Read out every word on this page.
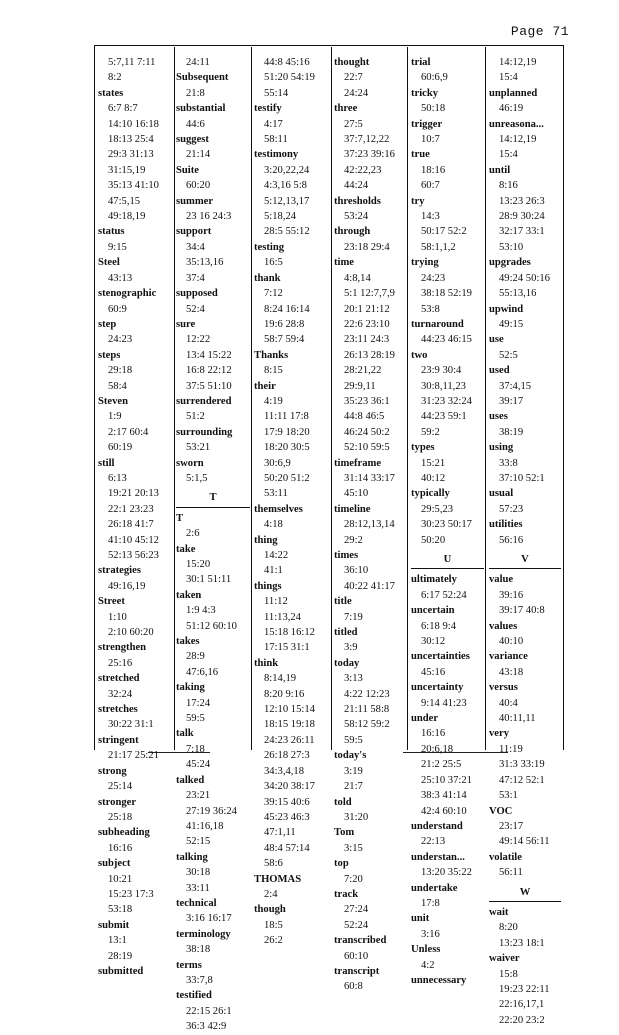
Page 71
5:7,11 7:11
8:2
states
6:7 8:7
14:10 16:18
18:13 25:4
29:3 31:13
31:15,19
35:13 41:10
47:5,15
49:18,19
status
9:15
Steel
43:13
stenographic
60:9
step
24:23
steps
29:18
58:4
Steven
1:9
2:17 60:4
60:19
still
6:13
19:21 20:13
22:1 23:23
26:18 41:7
41:10 45:12
52:13 56:23
strategies
49:16,19
Street
1:10
2:10 60:20
strengthen
25:16
stretched
32:24
stretches
30:22 31:1
stringent
21:17 25:21
strong
25:14
stronger
25:18
subheading
16:16
subject
10:21
15:23 17:3
53:18
submit
13:1
28:19
submitted
24:11
Subsequent
21:8
substantial
44:6
suggest
21:14
Suite
60:20
summer
23 16 24:3
support
34:4
35:13,16
37:4
supposed
52:4
sure
12:22
13:4 15:22
16:8 22:12
37:5 51:10
surrendered
51:2
surrounding
53:21
sworn
5:1,5
T
T
2:6
take
15:20
30:1 51:11
taken
1:9 4:3
51:12 60:10
takes
28:9
47:6,16
taking
17:24
59:5
talk
7:18
45:24
talked
23:21
27:19 36:24
41:16,18
52:15
talking
30:18
33:11
technical
3:16 16:17
terminology
38:18
terms
33:7,8
testified
22:15 26:1
36:3 42:9
44:8 45:16
51:20 54:19
55:14
testify
4:17
58:11
testimony
3:20,22,24
4:3,16 5:8
5:12,13,17
5:18,24
28:5 55:12
testing
16:5
thank
7:12
8:24 16:14
19:6 28:8
58:7 59:4
Thanks
8:15
their
4:19
11:11 17:8
17:9 18:20
18:20 30:5
30:6,9
50:20 51:2
53:11
themselves
4:18
thing
14:22
41:1
things
11:12
11:13,24
15:18 16:12
17:15 31:1
think
8:14,19
8:20 9:16
12:10 15:14
18:15 19:18
24:23 26:11
26:18 27:3
34:3,4,18
34:20 38:17
39:15 40:6
45:23 46:3
47:1,11
48:4 57:14
58:6
THOMAS
2:4
though
18:5
26:2
thought
22:7
24:24
three
27:5
37:7,12,22
37:23 39:16
42:22,23
44:24
thresholds
53:24
through
23:18 29:4
time
4:8,14
5:1 12:7,7,9
20:1 21:12
22:6 23:10
23:11 24:3
26:13 28:19
28:21,22
29:9,11
35:23 36:1
44:8 46:5
46:24 50:2
52:10 59:5
timeframe
31:14 33:17
45:10
timeline
28:12,13,14
29:2
times
36:10
40:22 41:17
title
7:19
titled
3:9
today
3:13
4:22 12:23
21:11 58:8
58:12 59:2
59:5
today's
3:19
21:7
told
31:20
Tom
3:15
top
7:20
track
27:24
52:24
transcribed
60:10
transcript
60:8
trial
60:6,9
tricky
50:18
trigger
10:7
true
18:16
60:7
try
14:3
50:17 52:2
58:1,1,2
trying
24:23
38:18 52:19
53:8
turnaround
44:23 46:15
two
23:9 30:4
30:8,11,23
31:23 32:24
44:23 59:1
59:2
types
15:21
40:12
typically
29:5,23
30:23 50:17
50:20
U
ultimately
6:17 52:24
uncertain
6:18 9:4
30:12
uncertainties
45:16
uncertainty
9:14 41:23
under
16:16
20:6,18
21:2 25:5
25:10 37:21
38:3 41:14
42:4 60:10
understand
22:13
understan...
13:20 35:22
undertake
17:8
unit
3:16
Unless
4:2
unnecessary
14:12,19
15:4
unplanned
46:19
unreasona...
14:12,19
15:4
until
8:16
13:23 26:3
28:9 30:24
32:17 33:1
53:10
upgrades
49:24 50:16
55:13,16
upwind
49:15
use
52:5
used
37:4,15
39:17
uses
38:19
using
33:8
37:10 52:1
usual
57:23
utilities
56:16
V
value
39:16
39:17 40:8
values
40:10
variance
43:18
versus
40:4
40:11,11
very
11:19
31:3 33:19
47:12 52:1
53:1
VOC
23:17
49:14 56:11
volatile
56:11
W
wait
8:20
13:23 18:1
waiver
15:8
19:23 22:11
22:16,17,1
22:20 23:2
